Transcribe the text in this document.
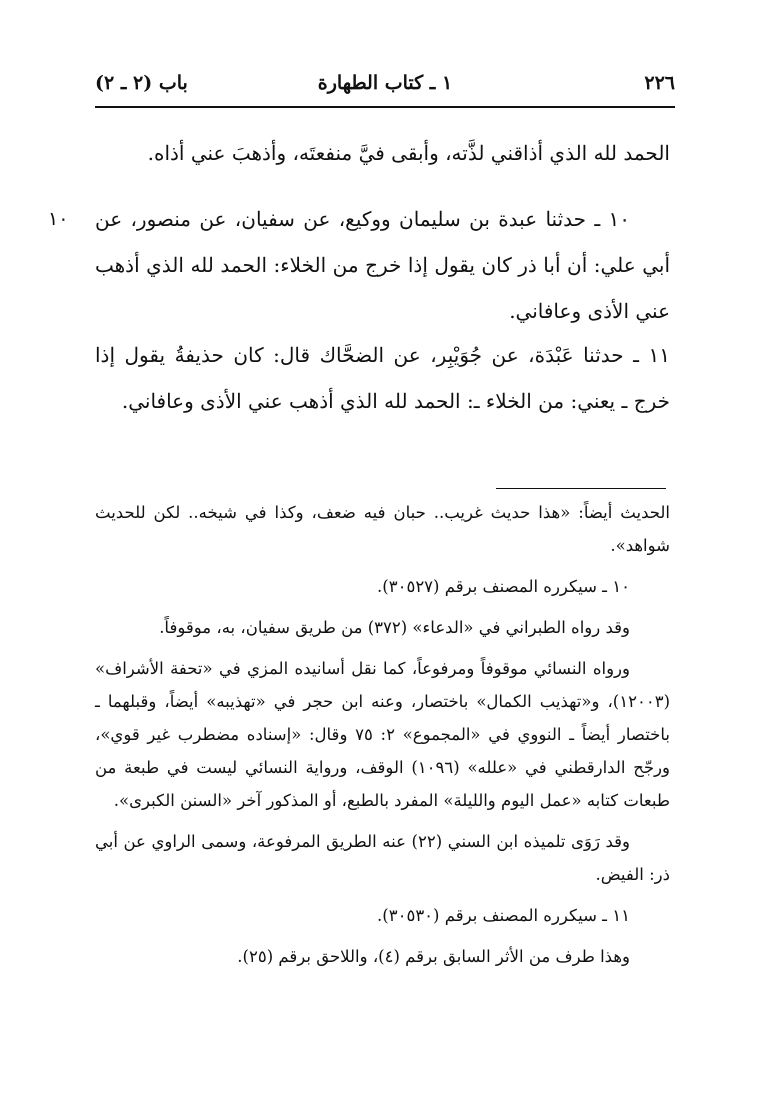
٢٢٦
١ ـ كتاب الطهارة
باب (٢ ـ ٢)
١٠
الحمد لله الذي أذاقني لذَّته، وأبقى فيَّ منفعتَه، وأذهبَ عني أذاه.
١٠ ـ حدثنا عبدة بن سليمان ووكيع، عن سفيان، عن منصور، عن أبي علي: أن أبا ذر كان يقول إذا خرج من الخلاء: الحمد لله الذي أذهب عني الأذى وعافاني.
١١ ـ حدثنا عَبْدَة، عن جُوَيْبِر، عن الضحَّاك قال: كان حذيفةُ يقول إذا خرج ـ يعني: من الخلاء ـ: الحمد لله الذي أذهب عني الأذى وعافاني.

الحديث أيضاً: «هذا حديث غريب.. حبان فيه ضعف، وكذا في شيخه.. لكن للحديث شواهد».

١٠ ـ سيكرره المصنف برقم (٣٠٥٢٧).

وقد رواه الطبراني في «الدعاء» (٣٧٢) من طريق سفيان، به، موقوفاً.

ورواه النسائي موقوفاً ومرفوعاً، كما نقل أسانيده المزي في «تحفة الأشراف» (١٢٠٠٣)، و«تهذيب الكمال» باختصار، وعنه ابن حجر في «تهذيبه» أيضاً، وقبلهما ـ باختصار أيضاً ـ النووي في «المجموع» ٢: ٧٥ وقال: «إسناده مضطرب غير قوي»، ورجّح الدارقطني في «علله» (١٠٩٦) الوقف، ورواية النسائي ليست في طبعة من طبعات كتابه «عمل اليوم والليلة» المفرد بالطبع، أو المذكور آخر «السنن الكبرى».

وقد رَوَى تلميذه ابن السني (٢٢) عنه الطريق المرفوعة، وسمى الراوي عن أبي ذر: الفيض.

١١ ـ سيكرره المصنف برقم (٣٠٥٣٠).

وهذا طرف من الأثر السابق برقم (٤)، واللاحق برقم (٢٥).
